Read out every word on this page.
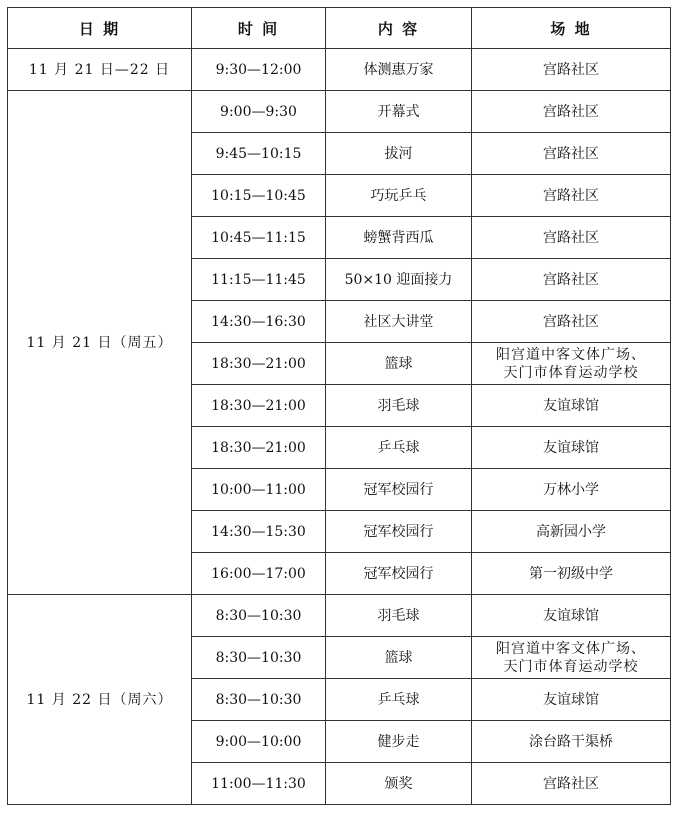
日 期	时 间	内 容	场 地
11 月 21 日—22 日	9:30—12:00	体测惠万家	宫路社区

11 月 21 日（周五）	9:00—9:30	开幕式	宫路社区

	9:45—10:15	拔河	宫路社区

	10:15—10:45	巧玩乒乓	宫路社区

	10:45—11:15	螃蟹背西瓜	宫路社区

	11:15—11:45	50×10 迎面接力	宫路社区

	14:30—16:30	社区大讲堂	宫路社区

	18:30—21:00	篮球	阳宫道中客文体广场、
天门市体育运动学校

	18:30—21:00	羽毛球	友谊球馆

	18:30—21:00	乒乓球	友谊球馆

	10:00—11:00	冠军校园行	万林小学

	14:30—15:30	冠军校园行	高新园小学

	16:00—17:00	冠军校园行	第一初级中学

11 月 22 日（周六）	8:30—10:30	羽毛球	友谊球馆

	8:30—10:30	篮球	阳宫道中客文体广场、
天门市体育运动学校

	8:30—10:30	乒乓球	友谊球馆

	9:00—10:00	健步走	涂台路干渠桥

	11:00—11:30	颁奖	宫路社区
